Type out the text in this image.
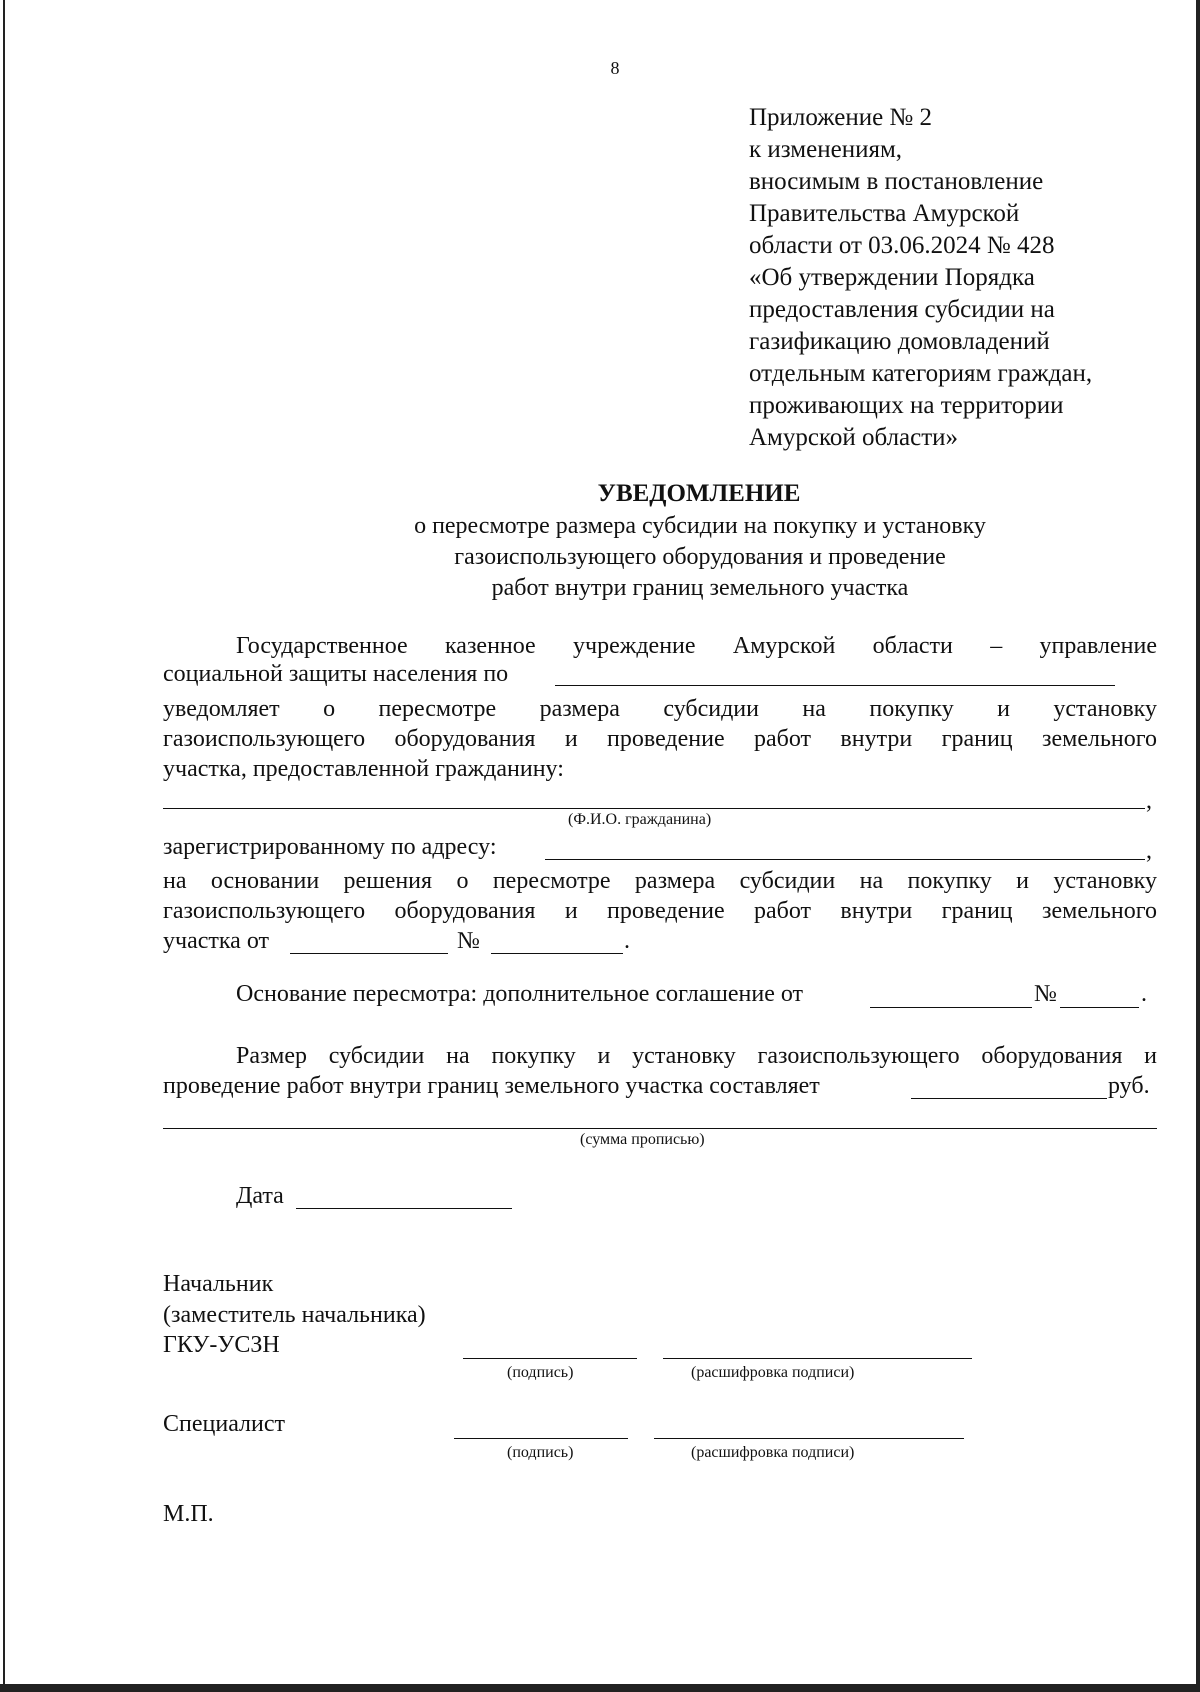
8
Приложение № 2
к изменениям,
вносимым в постановление
Правительства Амурской
области от 03.06.2024 № 428
«Об утверждении Порядка
предоставления субсидии на
газификацию домовладений
отдельным категориям граждан,
проживающих на территории
Амурской области»
УВЕДОМЛЕНИЕ
о пересмотре размера субсидии на покупку и установку
газоиспользующего оборудования и проведение
работ внутри границ земельного участка
Государственное казенное учреждение Амурской области – управление
социальной защиты населения по
уведомляет о пересмотре размера субсидии на покупку и установку
газоиспользующего оборудования и проведение работ внутри границ земельного
участка, предоставленной гражданину:
,
(Ф.И.О. гражданина)
зарегистрированному по адресу:	,
на основании решения о пересмотре размера субсидии на покупку и установку
газоиспользующего оборудования и проведение работ внутри границ земельного
участка от	№	.
Основание пересмотра: дополнительное соглашение от	№	.
Размер субсидии на покупку и установку газоиспользующего оборудования и
проведение работ внутри границ земельного участка составляет	руб.
(сумма прописью)
Дата
Начальник
(заместитель начальника)
ГКУ-УСЗН
(подпись)	(расшифровка подписи)
Специалист
(подпись)	(расшифровка подписи)
М.П.
